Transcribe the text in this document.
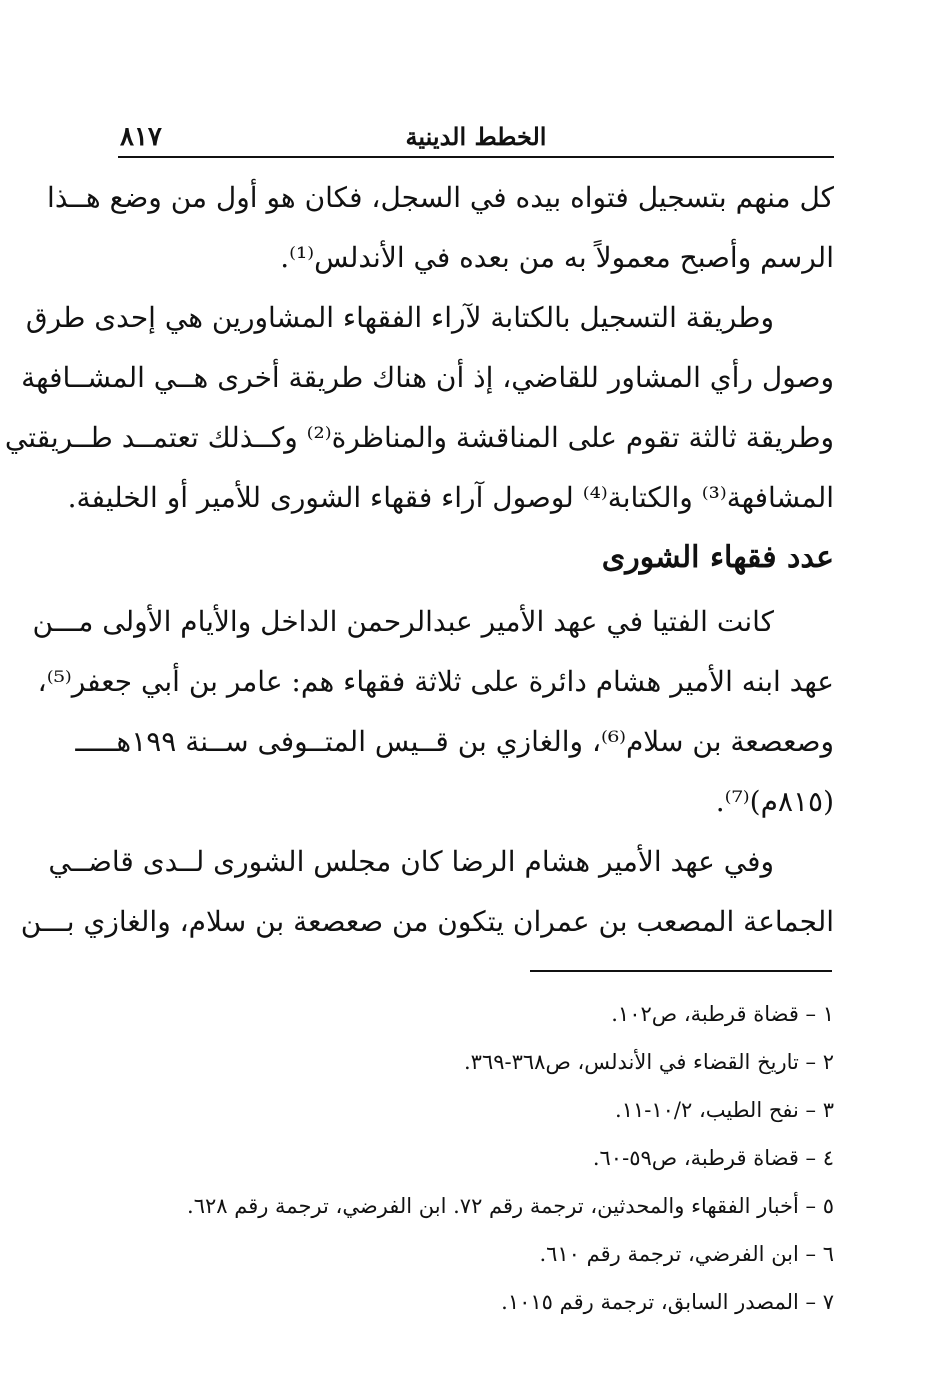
٨١٧	الخطط الدينية
كل منهم بتسجيل فتواه بيده في السجل، فكان هو أول من وضع هــذا
الرسم وأصبح معمولاً به من بعده في الأندلس⁽¹⁾.
وطريقة التسجيل بالكتابة لآراء الفقهاء المشاورين هي إحدى طرق
وصول رأي المشاور للقاضي، إذ أن هناك طريقة أخرى هــي المشــافهة
وطريقة ثالثة تقوم على المناقشة والمناظرة⁽²⁾ وكــذلك تعتمــد طــريقتي
المشافهة⁽³⁾ والكتابة⁽⁴⁾ لوصول آراء فقهاء الشورى للأمير أو الخليفة.
عدد فقهاء الشورى
كانت الفتيا في عهد الأمير عبدالرحمن الداخل والأيام الأولى مـــن
عهد ابنه الأمير هشام دائرة على ثلاثة فقهاء هم: عامر بن أبي جعفر⁽⁵⁾،
وصعصعة بن سلام⁽⁶⁾، والغازي بن قــيس المتــوفى ســنة ١٩٩هـــــ
(٨١٥م)⁽⁷⁾.
وفي عهد الأمير هشام الرضا كان مجلس الشورى لــدى قاضــي
الجماعة المصعب بن عمران يتكون من صعصعة بن سلام، والغازي بـــن
١ – قضاة قرطبة، ص١٠٢.
٢ – تاريخ القضاء في الأندلس، ص٣٦٨-٣٦٩.
٣ – نفح الطيب، ١٠/٢-١١.
٤ – قضاة قرطبة، ص٥٩-٦٠.
٥ – أخبار الفقهاء والمحدثين، ترجمة رقم ٧٢. ابن الفرضي، ترجمة رقم ٦٢٨.
٦ – ابن الفرضي، ترجمة رقم ٦١٠.
٧ – المصدر السابق، ترجمة رقم ١٠١٥.
